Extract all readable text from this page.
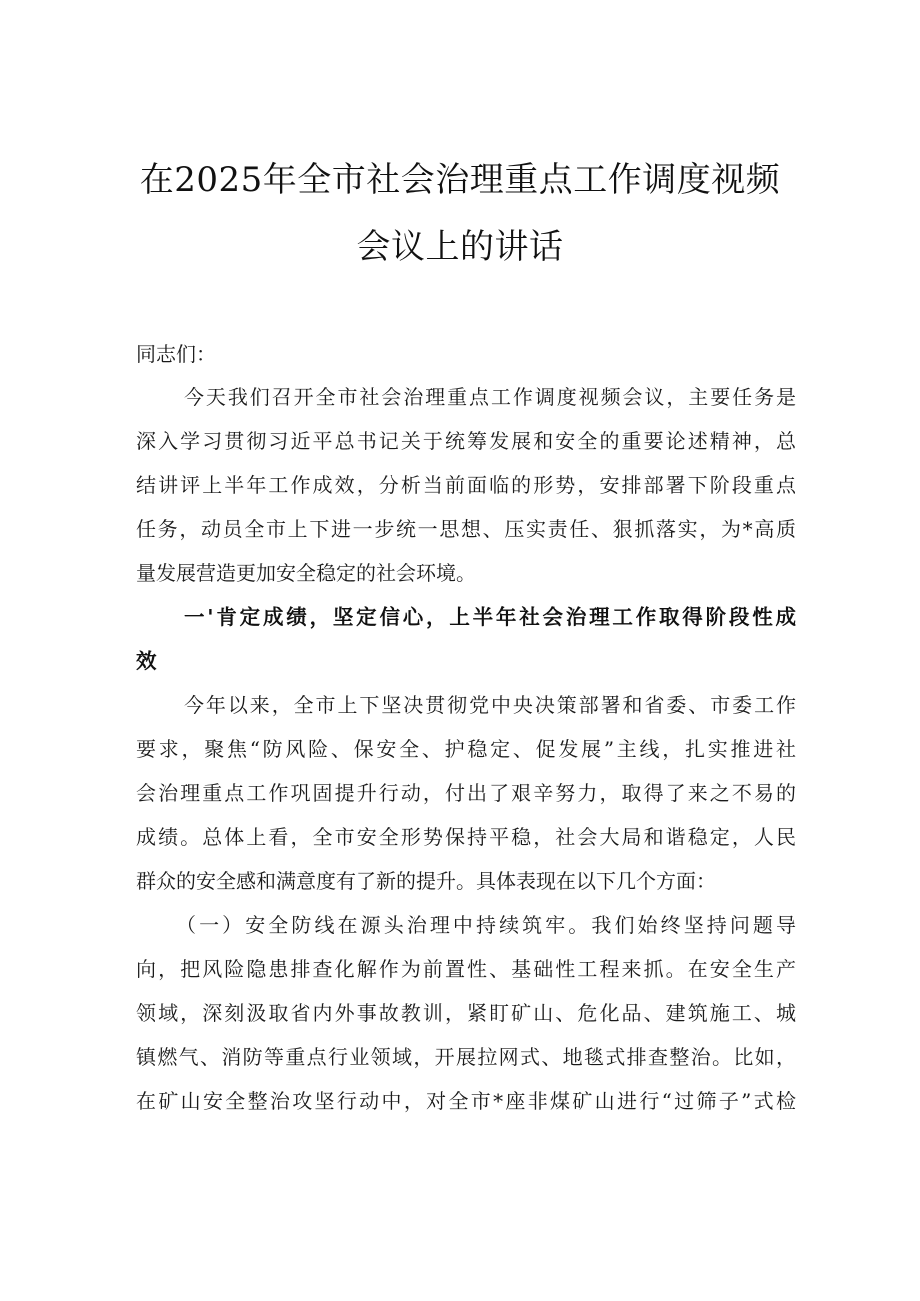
在2025年全市社会治理重点工作调度视频
会议上的讲话
同志们：
今天我们召开全市社会治理重点工作调度视频会议，主要任务是
深入学习贯彻习近平总书记关于统筹发展和安全的重要论述精神，总
结讲评上半年工作成效，分析当前面临的形势，安排部署下阶段重点
任务，动员全市上下进一步统一思想、压实责任、狠抓落实，为*高质
量发展营造更加安全稳定的社会环境。
一'肯定成绩，坚定信心，上半年社会治理工作取得阶段性成
效
今年以来，全市上下坚决贯彻党中央决策部署和省委、市委工作
要求，聚焦“防风险、保安全、护稳定、促发展”主线，扎实推进社
会治理重点工作巩固提升行动，付出了艰辛努力，取得了来之不易的
成绩。总体上看，全市安全形势保持平稳，社会大局和谐稳定，人民
群众的安全感和满意度有了新的提升。具体表现在以下几个方面：
（一）安全防线在源头治理中持续筑牢。我们始终坚持问题导
向，把风险隐患排查化解作为前置性、基础性工程来抓。在安全生产
领域，深刻汲取省内外事故教训，紧盯矿山、危化品、建筑施工、城
镇燃气、消防等重点行业领域，开展拉网式、地毯式排查整治。比如，
在矿山安全整治攻坚行动中，对全市*座非煤矿山进行“过筛子”式检
